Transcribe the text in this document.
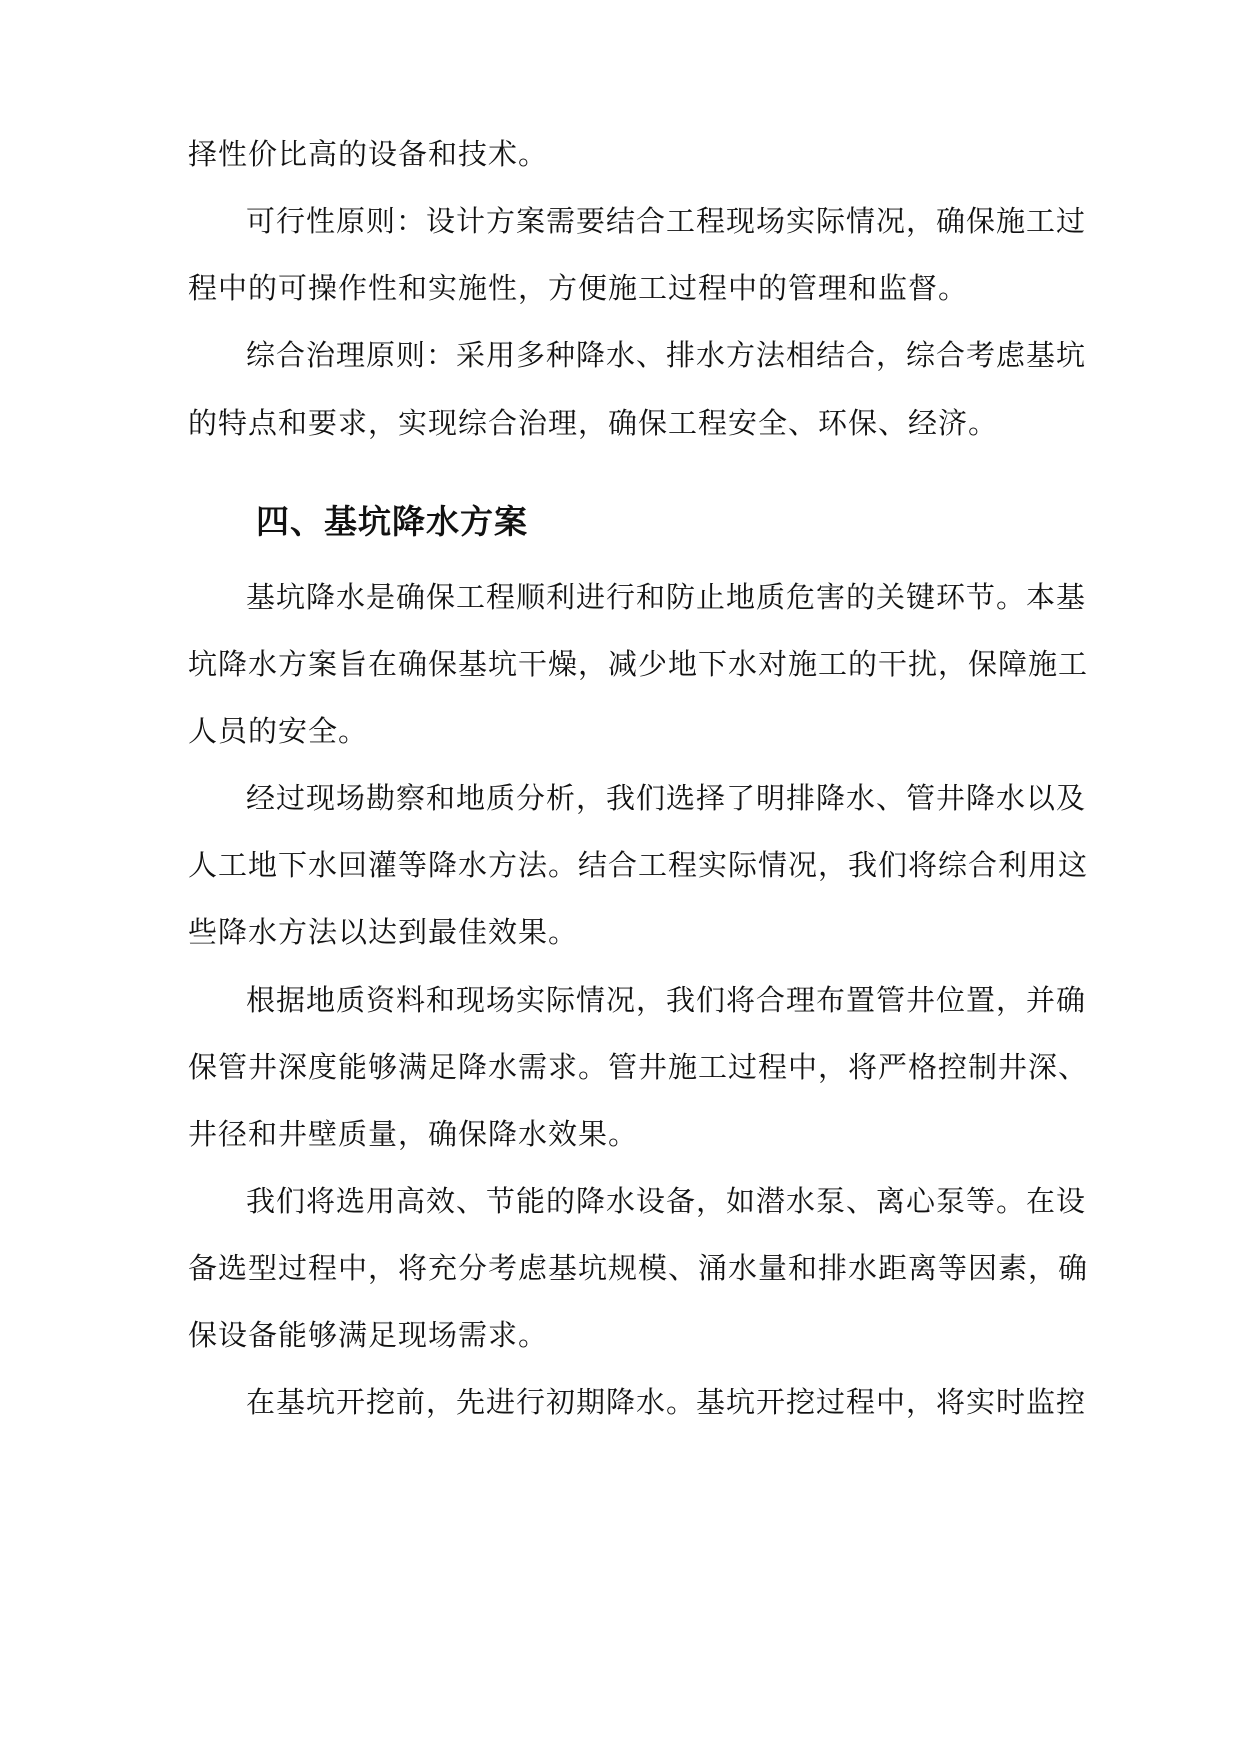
择性价比高的设备和技术。
可行性原则：设计方案需要结合工程现场实际情况，确保施工过
程中的可操作性和实施性，方便施工过程中的管理和监督。
综合治理原则：采用多种降水、排水方法相结合，综合考虑基坑
的特点和要求，实现综合治理，确保工程安全、环保、经济。
四、基坑降水方案
基坑降水是确保工程顺利进行和防止地质危害的关键环节。本基
坑降水方案旨在确保基坑干燥，减少地下水对施工的干扰，保障施工
人员的安全。
经过现场勘察和地质分析，我们选择了明排降水、管井降水以及
人工地下水回灌等降水方法。结合工程实际情况，我们将综合利用这
些降水方法以达到最佳效果。
根据地质资料和现场实际情况，我们将合理布置管井位置，并确
保管井深度能够满足降水需求。管井施工过程中，将严格控制井深、
井径和井壁质量，确保降水效果。
我们将选用高效、节能的降水设备，如潜水泵、离心泵等。在设
备选型过程中，将充分考虑基坑规模、涌水量和排水距离等因素，确
保设备能够满足现场需求。
在基坑开挖前，先进行初期降水。基坑开挖过程中，将实时监控
